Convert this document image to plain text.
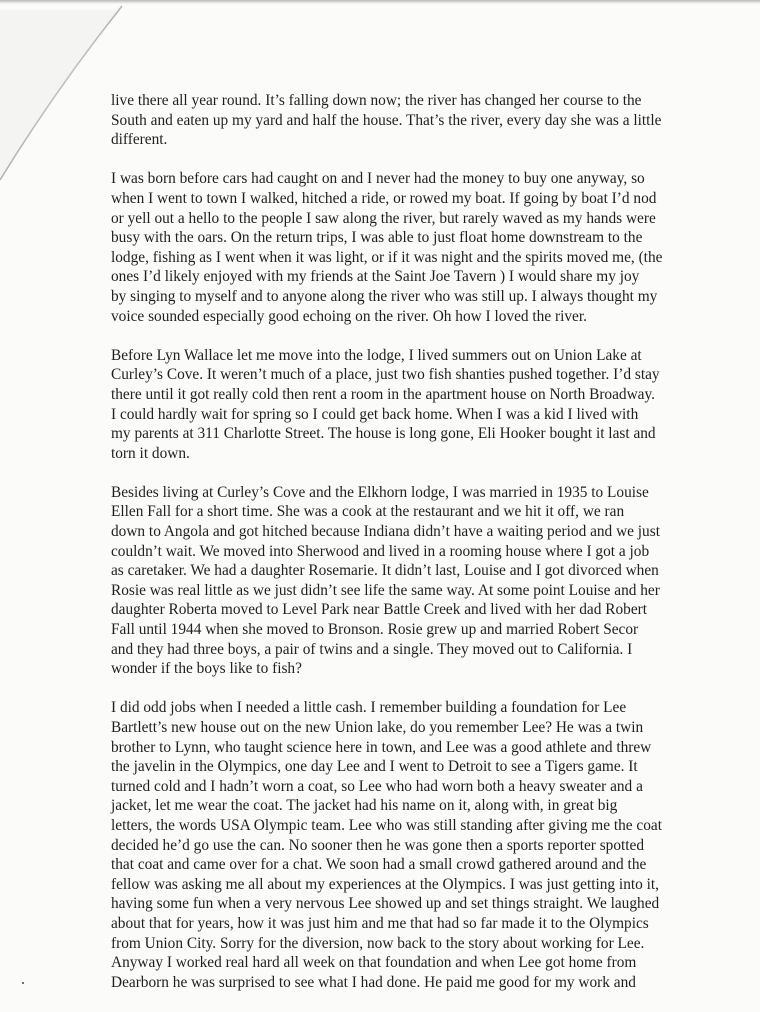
live there all year round. It’s falling down now; the river has changed her course to the
South and eaten up my yard and half the house. That’s the river, every day she was a little
different.

I was born before cars had caught on and I never had the money to buy one anyway, so
when I went to town I walked, hitched a ride, or rowed my boat. If going by boat I’d nod
or yell out a hello to the people I saw along the river, but rarely waved as my hands were
busy with the oars. On the return trips, I was able to just float home downstream to the
lodge, fishing as I went when it was light, or if it was night and the spirits moved me, (the
ones I’d likely enjoyed with my friends at the Saint Joe Tavern ) I would share my joy
by singing to myself and to anyone along the river who was still up. I always thought my
voice sounded especially good echoing on the river. Oh how I loved the river.

Before Lyn Wallace let me move into the lodge, I lived summers out on Union Lake at
Curley’s Cove. It weren’t much of a place, just two fish shanties pushed together. I’d stay
there until it got really cold then rent a room in the apartment house on North Broadway.
I could hardly wait for spring so I could get back home. When I was a kid I lived with
my parents at 311 Charlotte Street. The house is long gone, Eli Hooker bought it last and
torn it down.

Besides living at Curley’s Cove and the Elkhorn lodge, I was married in 1935 to Louise
Ellen Fall for a short time. She was a cook at the restaurant and we hit it off, we ran
down to Angola and got hitched because Indiana didn’t have a waiting period and we just
couldn’t wait. We moved into Sherwood and lived in a rooming house where I got a job
as caretaker. We had a daughter Rosemarie. It didn’t last, Louise and I got divorced when
Rosie was real little as we just didn’t see life the same way. At some point Louise and her
daughter Roberta moved to Level Park near Battle Creek and lived with her dad Robert
Fall until 1944 when she moved to Bronson. Rosie grew up and married Robert Secor
and they had three boys, a pair of twins and a single. They moved out to California. I
wonder if the boys like to fish?

I did odd jobs when I needed a little cash. I remember building a foundation for Lee
Bartlett’s new house out on the new Union lake, do you remember Lee? He was a twin
brother to Lynn, who taught science here in town, and Lee was a good athlete and threw
the javelin in the Olympics, one day Lee and I went to Detroit to see a Tigers game. It
turned cold and I hadn’t worn a coat, so Lee who had worn both a heavy sweater and a
jacket, let me wear the coat. The jacket had his name on it, along with, in great big
letters, the words USA Olympic team. Lee who was still standing after giving me the coat
decided he’d go use the can. No sooner then he was gone then a sports reporter spotted
that coat and came over for a chat. We soon had a small crowd gathered around and the
fellow was asking me all about my experiences at the Olympics. I was just getting into it,
having some fun when a very nervous Lee showed up and set things straight. We laughed
about that for years, how it was just him and me that had so far made it to the Olympics
from Union City. Sorry for the diversion, now back to the story about working for Lee.
Anyway I worked real hard all week on that foundation and when Lee got home from
Dearborn he was surprised to see what I had done. He paid me good for my work and
